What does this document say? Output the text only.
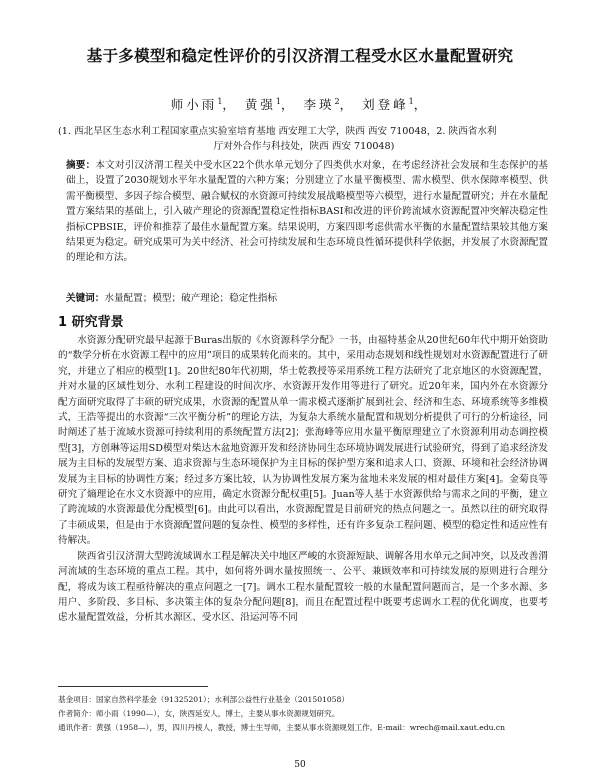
基于多模型和稳定性评价的引汉济渭工程受水区水量配置研究
师小雨$^1$， 黄强$^1$， 李瑛$^2$， 刘登峰$^1$，
(1. 西北旱区生态水利工程国家重点实验室培育基地 西安理工大学，陕西 西安 710048，2. 陕西省水利
厅对外合作与科技处，陕西 西安 710048)
摘要：本文对引汉济渭工程关中受水区22个供水单元划分了四类供水对象，在考虑经济社会发展和生态保护的基础上，设置了2030规划水平年水量配置的六种方案；分别建立了水量平衡模型、需水模型、供水保障率模型、供需平衡模型、多因子综合模型、融合赋权的水资源可持续发展战略模型等六模型，进行水量配置研究；并在水量配置方案结果的基础上，引入破产理论的资源配置稳定性指标BASI和改进的评价跨流域水资源配置冲突解决稳定性指标CPBSIE，评价和推荐了最佳水量配置方案。结果说明，方案四即考虑供需水平衡的水量配置结果较其他方案结果更为稳定。研究成果可为关中经济、社会可持续发展和生态环境良性循环提供科学依据，并发展了水资源配置的理论和方法。
关键词：水量配置；模型；破产理论；稳定性指标
1 研究背景

水资源分配研究最早起源于Buras出版的《水资源科学分配》一书，由福特基金从20世纪60年代中期开始资助的“数学分析在水资源工程中的应用”项目的成果转化而来的。其中，采用动态规划和线性规划对水资源配置进行了研究，并建立了相应的模型[1]。20世纪80年代初期，华士乾教授等采用系统工程方法研究了北京地区的水资源配置，并对水量的区域性划分、水利工程建设的时间次序、水资源开发作用等进行了研究。近20年来，国内外在水资源分配方面研究取得了丰硕的研究成果，水资源的配置从单一需求模式逐渐扩展到社会、经济和生态、环境系统等多维模式，王浩等提出的水资源“三次平衡分析”的理论方法，为复杂大系统水量配置和规划分析提供了可行的分析途径，同时阐述了基于流域水资源可持续利用的系统配置方法[2]；张海峰等应用水量平衡原理建立了水资源利用动态调控模型[3]，方创琳等运用SD模型对柴达木盆地资源开发和经济协同生态环境协调发展进行试验研究，得到了追求经济发展为主目标的发展型方案、追求资源与生态环境保护为主目标的保护型方案和追求人口、资源、环境和社会经济协调发展为主目标的协调性方案；经过多方案比较，认为协调性发展方案为盆地未来发展的相对最佳方案[4]。金菊良等研究了熵理论在水文水资源中的应用，确定水资源分配权重[5]。Juan等人基于水资源供给与需求之间的平衡，建立了跨流域的水资源最优分配模型[6]。由此可以看出，水资源配置是目前研究的热点问题之一。虽然以往的研究取得了丰硕成果，但是由于水资源配置问题的复杂性、模型的多样性，还有许多复杂工程问题、模型的稳定性和适应性有待解决。

陕西省引汉济渭大型跨流域调水工程是解决关中地区严峻的水资源短缺、调解各用水单元之间冲突，以及改善渭河流域的生态环境的重点工程。其中，如何将外调水量按照统一、公平、兼顾效率和可持续发展的原则进行合理分配，将成为该工程亟待解决的重点问题之一[7]。调水工程水量配置较一般的水量配置问题而言，是一个多水源、多用户、多阶段、多目标、多决策主体的复杂分配问题[8]，而且在配置过程中既要考虑调水工程的优化调度，也要考虑水量配置效益，分析其水源区、受水区、沿运河等不同

基金项目：国家自然科学基金（91325201）；水利部公益性行业基金（201501058）
作者简介：师小雨（1990—），女，陕西延安人，博士，主要从事水资源规划研究。
通讯作者：黄强（1958—），男，四川丹棱人，教授，博士生导师，主要从事水资源规划工作。E-mail：wrech@mail.xaut.edu.cn
50
